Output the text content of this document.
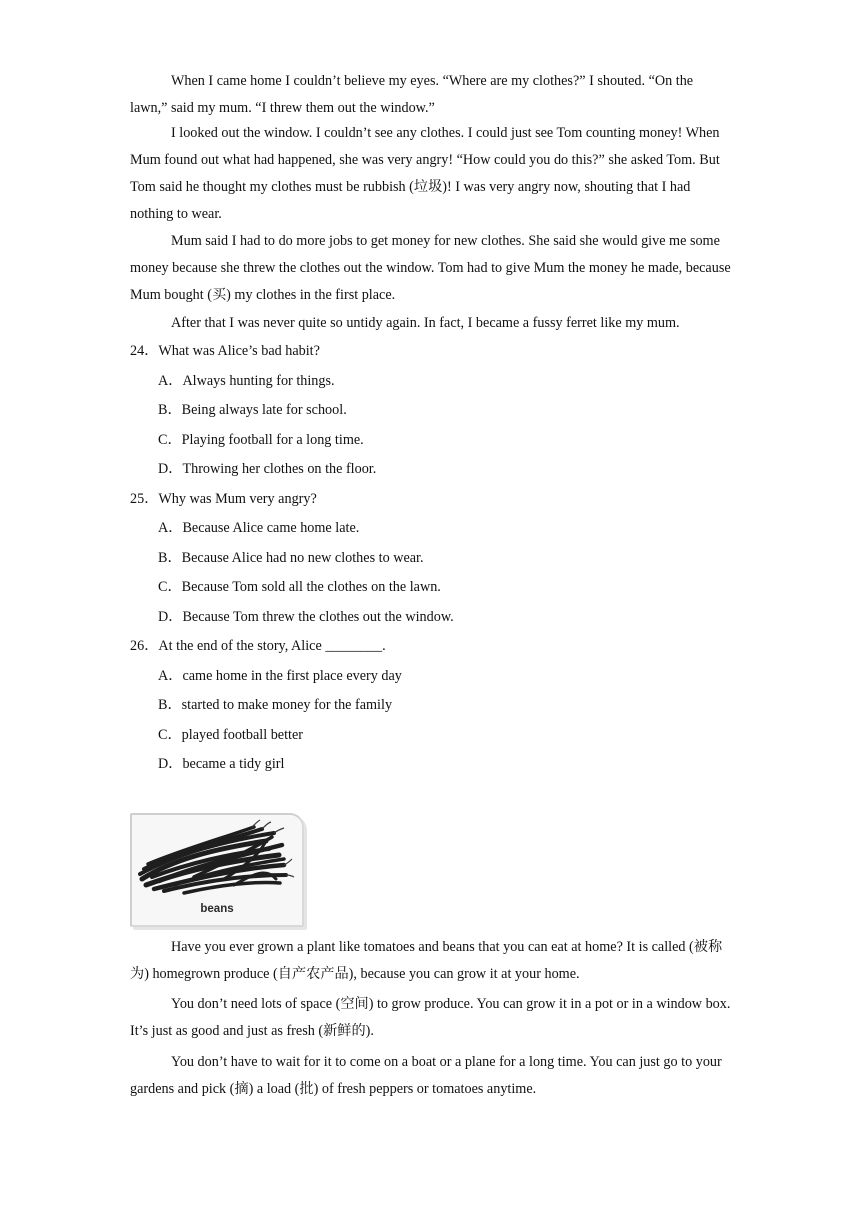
When I came home I couldn’t believe my eyes. “Where are my clothes?” I shouted. “On the lawn,” said my mum. “I threw them out the window.”

I looked out the window. I couldn’t see any clothes. I could just see Tom counting money! When Mum found out what had happened, she was very angry! “How could you do this?” she asked Tom. But Tom said he thought my clothes must be rubbish (垃圾)! I was very angry now, shouting that I had nothing to wear.

Mum said I had to do more jobs to get money for new clothes. She said she would give me some money because she threw the clothes out the window. Tom had to give Mum the money he made, because Mum bought (买) my clothes in the first place.

After that I was never quite so untidy again. In fact, I became a fussy ferret like my mum.

24．What was Alice’s bad habit?
A．Always hunting for things.
B．Being always late for school.
C．Playing football for a long time.
D．Throwing her clothes on the floor.
25．Why was Mum very angry?
A．Because Alice came home late.
B．Because Alice had no new clothes to wear.
C．Because Tom sold all the clothes on the lawn.
D．Because Tom threw the clothes out the window.
26．At the end of the story, Alice ________.
A．came home in the first place every day
B．started to make money for the family
C．played football better
D．became a tidy girl
beans

Have you ever grown a plant like tomatoes and beans that you can eat at home? It is called (被称为) homegrown produce (自产农产品), because you can grow it at your home.

You don’t need lots of space (空间) to grow produce. You can grow it in a pot or in a window box. It’s just as good and just as fresh (新鲜的).

You don’t have to wait for it to come on a boat or a plane for a long time. You can just go to your gardens and pick (摘) a load (批) of fresh peppers or tomatoes anytime.
